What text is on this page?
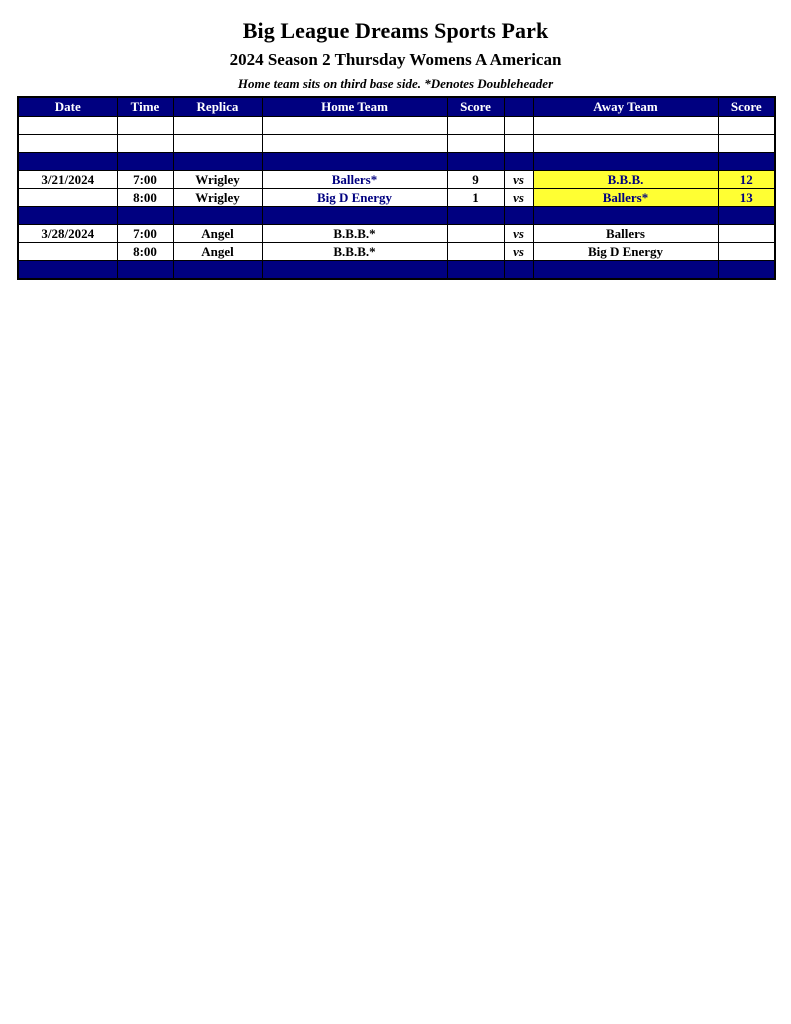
Big League Dreams Sports Park
2024 Season 2 Thursday Womens A American
Home team sits on third base side. *Denotes Doubleheader
Date	Time	Replica	Home Team	Score		Away Team	Score

3/21/2024	7:00	Wrigley	Ballers*	9	vs	B.B.B.	12
	8:00	Wrigley	Big D Energy	1	vs	Ballers*	13

3/28/2024	7:00	Angel	B.B.B.*		vs	Ballers	
	8:00	Angel	B.B.B.*		vs	Big D Energy	
